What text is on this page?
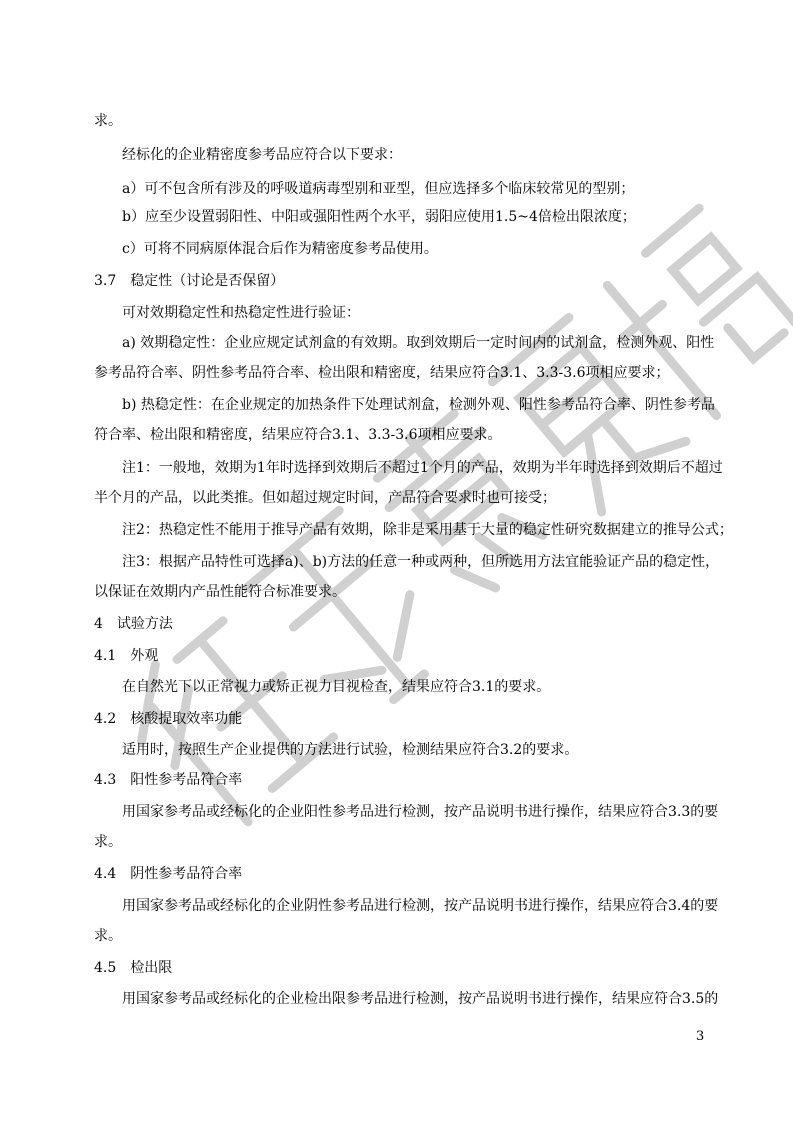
求。
经标化的企业精密度参考品应符合以下要求：
a）可不包含所有涉及的呼吸道病毒型别和亚型，但应选择多个临床较常见的型别；
b）应至少设置弱阳性、中阳或强阳性两个水平，弱阳应使用1.5~4倍检出限浓度；
c）可将不同病原体混合后作为精密度参考品使用。
3.7　稳定性（讨论是否保留）
可对效期稳定性和热稳定性进行验证：
a) 效期稳定性：企业应规定试剂盒的有效期。取到效期后一定时间内的试剂盒，检测外观、阳性
参考品符合率、阴性参考品符合率、检出限和精密度，结果应符合3.1、3.3-3.6项相应要求；
b) 热稳定性：在企业规定的加热条件下处理试剂盒，检测外观、阳性参考品符合率、阴性参考品
符合率、检出限和精密度，结果应符合3.1、3.3-3.6项相应要求。
注1：一般地，效期为1年时选择到效期后不超过1个月的产品，效期为半年时选择到效期后不超过
半个月的产品，以此类推。但如超过规定时间，产品符合要求时也可接受；
注2：热稳定性不能用于推导产品有效期，除非是采用基于大量的稳定性研究数据建立的推导公式；
注3：根据产品特性可选择a)、b)方法的任意一种或两种，但所选用方法宜能验证产品的稳定性，
以保证在效期内产品性能符合标准要求。
4　试验方法
4.1　外观
在自然光下以正常视力或矫正视力目视检查，结果应符合3.1的要求。
4.2　核酸提取效率功能
适用时，按照生产企业提供的方法进行试验，检测结果应符合3.2的要求。
4.3　阳性参考品符合率
用国家参考品或经标化的企业阳性参考品进行检测，按产品说明书进行操作，结果应符合3.3的要
求。
4.4　阴性参考品符合率
用国家参考品或经标化的企业阴性参考品进行检测，按产品说明书进行操作，结果应符合3.4的要
求。
4.5　检出限
用国家参考品或经标化的企业检出限参考品进行检测，按产品说明书进行操作，结果应符合3.5的
3
